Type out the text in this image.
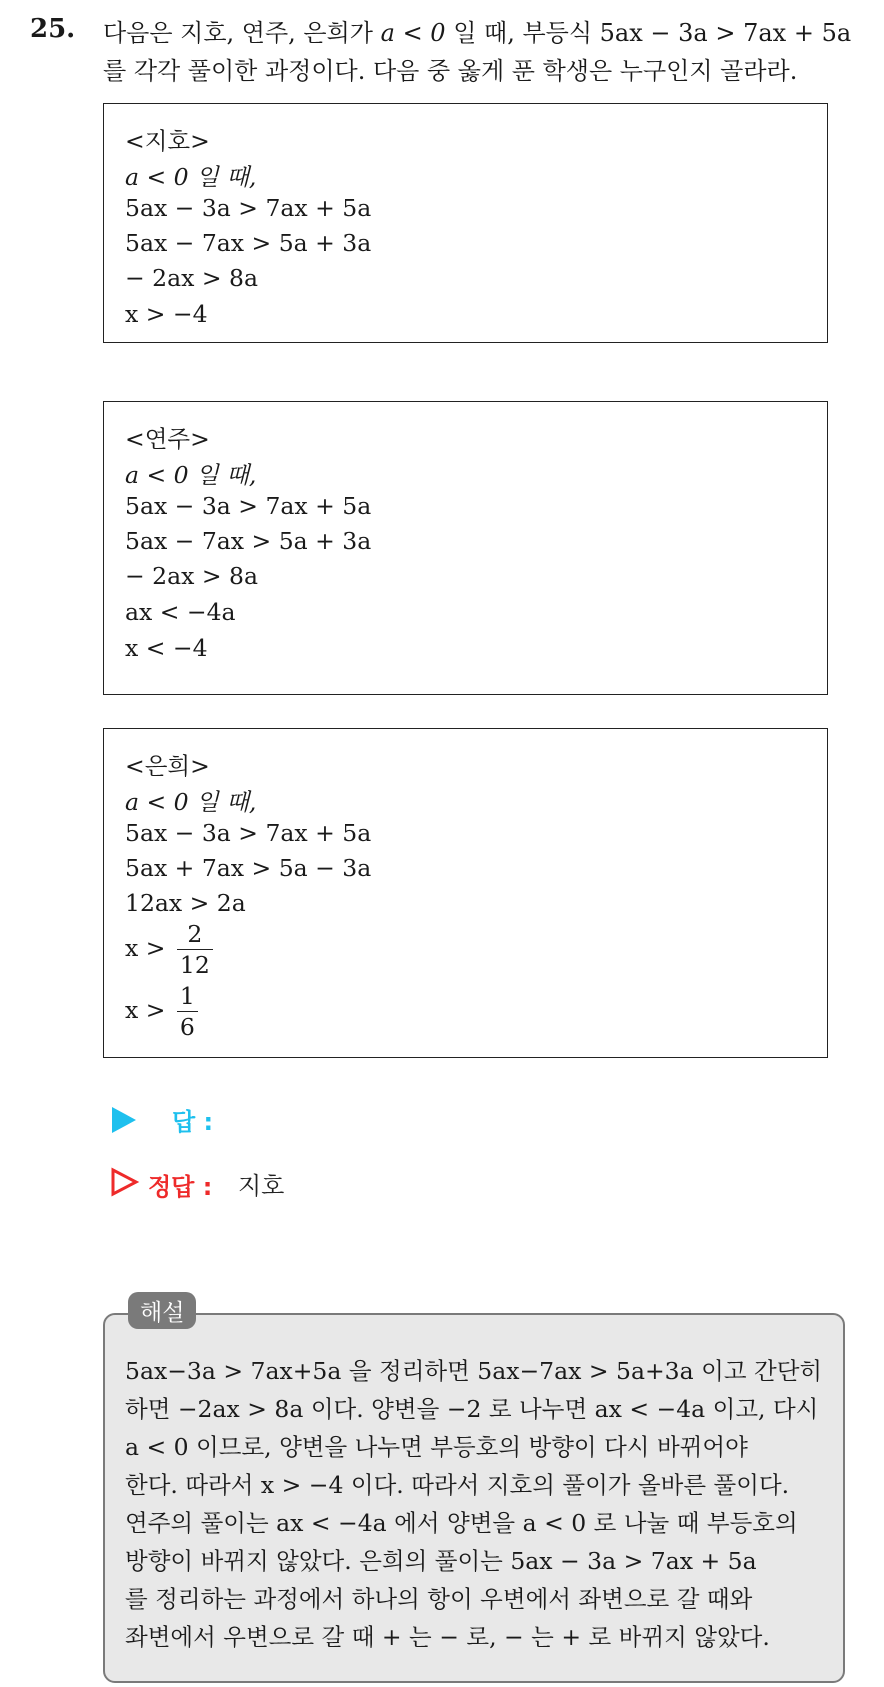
25. 다음은 지호, 연주, 은희가 a < 0 일 때, 부등식 5ax − 3a > 7ax + 5a
를 각각 풀이한 과정이다. 다음 중 옳게 푼 학생은 누구인지 골라라.
<지호>
a < 0 일 때,
5ax − 3a > 7ax + 5a
5ax − 7ax > 5a + 3a
− 2ax > 8a
x > −4
<연주>
a < 0 일 때,
5ax − 3a > 7ax + 5a
5ax − 7ax > 5a + 3a
− 2ax > 8a
ax < −4a
x < −4
<은희>
a < 0 일 때,
5ax − 3a > 7ax + 5a
5ax + 7ax > 5a − 3a
12ax > 2a
$x > \frac{2}{12}$
$x > \frac{1}{6}$
답 :
정답 : 지호
해설
5ax−3a > 7ax+5a 을 정리하면 5ax−7ax > 5a+3a 이고 간단히
하면 −2ax > 8a 이다. 양변을 −2 로 나누면 ax < −4a 이고, 다시
a < 0 이므로, 양변을 나누면 부등호의 방향이 다시 바뀌어야
한다. 따라서 x > −4 이다. 따라서 지호의 풀이가 올바른 풀이다.
연주의 풀이는 ax < −4a 에서 양변을 a < 0 로 나눌 때 부등호의
방향이 바뀌지 않았다. 은희의 풀이는 5ax − 3a > 7ax + 5a
를 정리하는 과정에서 하나의 항이 우변에서 좌변으로 갈 때와
좌변에서 우변으로 갈 때 + 는 − 로, − 는 + 로 바뀌지 않았다.
